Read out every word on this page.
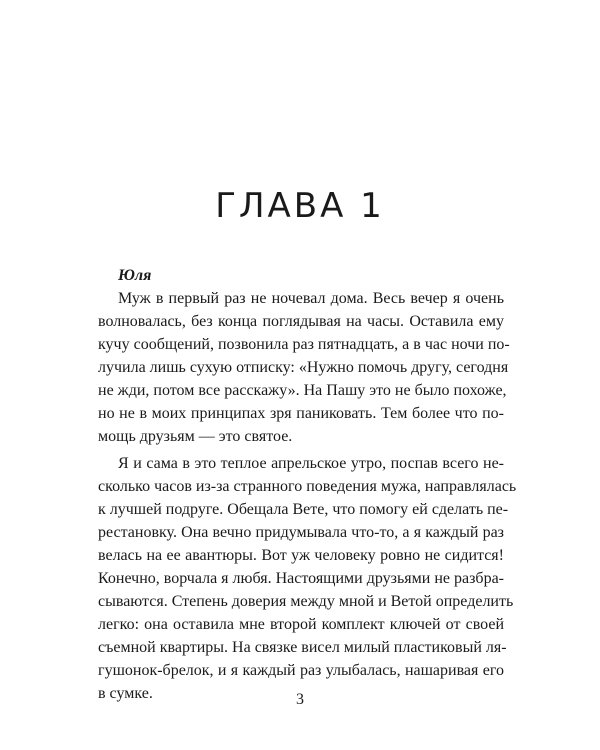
ГЛАВА 1
Юля
Муж в первый раз не ночевал дома. Весь вечер я очень
волновалась, без конца поглядывая на часы. Оставила ему
кучу сообщений, позвонила раз пятнадцать, а в час ночи по-
лучила лишь сухую отписку: «Нужно помочь другу, сегодня
не жди, потом все расскажу». На Пашу это не было похоже,
но не в моих принципах зря паниковать. Тем более что по-
мощь друзьям — это святое.
Я и сама в это теплое апрельское утро, поспав всего не-
сколько часов из-за странного поведения мужа, направлялась
к лучшей подруге. Обещала Вете, что помогу ей сделать пе-
рестановку. Она вечно придумывала что-то, а я каждый раз
велась на ее авантюры. Вот уж человеку ровно не сидится!
Конечно, ворчала я любя. Настоящими друзьями не разбра-
сываются. Степень доверия между мной и Ветой определить
легко: она оставила мне второй комплект ключей от своей
съемной квартиры. На связке висел милый пластиковый ля-
гушонок-брелок, и я каждый раз улыбалась, нашаривая его
в сумке.	3
